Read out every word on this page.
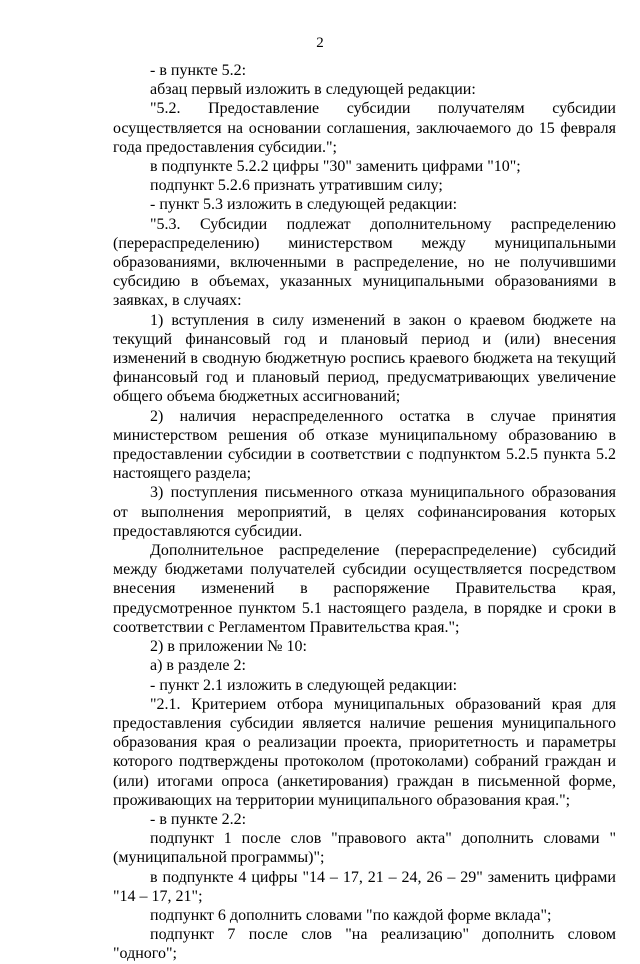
2

- в пункте 5.2:

абзац первый изложить в следующей редакции:

"5.2. Предоставление субсидии получателям субсидии осуществляется на основании соглашения, заключаемого до 15 февраля года предоставления субсидии.";

в подпункте 5.2.2 цифры "30" заменить цифрами "10";

подпункт 5.2.6 признать утратившим силу;

- пункт 5.3 изложить в следующей редакции:

"5.3. Субсидии подлежат дополнительному распределению (перераспределению) министерством между муниципальными образованиями, включенными в распределение, но не получившими субсидию в объемах, указанных муниципальными образованиями в заявках, в случаях:

1) вступления в силу изменений в закон о краевом бюджете на текущий финансовый год и плановый период и (или) внесения изменений в сводную бюджетную роспись краевого бюджета на текущий финансовый год и плановый период, предусматривающих увеличение общего объема бюджетных ассигнований;

2) наличия нераспределенного остатка в случае принятия министерством решения об отказе муниципальному образованию в предоставлении субсидии в соответствии с подпунктом 5.2.5 пункта 5.2 настоящего раздела;

3) поступления письменного отказа муниципального образования от выполнения мероприятий, в целях софинансирования которых предоставляются субсидии.

Дополнительное распределение (перераспределение) субсидий между бюджетами получателей субсидии осуществляется посредством внесения изменений в распоряжение Правительства края, предусмотренное пунктом 5.1 настоящего раздела, в порядке и сроки в соответствии с Регламентом Правительства края.";

2) в приложении № 10:

а) в разделе 2:

- пункт 2.1 изложить в следующей редакции:

"2.1. Критерием отбора муниципальных образований края для предоставления субсидии является наличие решения муниципального образования края о реализации проекта, приоритетность и параметры которого подтверждены протоколом (протоколами) собраний граждан и (или) итогами опроса (анкетирования) граждан в письменной форме, проживающих на территории муниципального образования края.";

- в пункте 2.2:

подпункт 1 после слов "правового акта" дополнить словами "(муниципальной программы)";

в подпункте 4 цифры "14 – 17, 21 – 24, 26 – 29" заменить цифрами "14 – 17, 21";

подпункт 6 дополнить словами "по каждой форме вклада";

подпункт 7 после слов "на реализацию" дополнить словом "одного";
